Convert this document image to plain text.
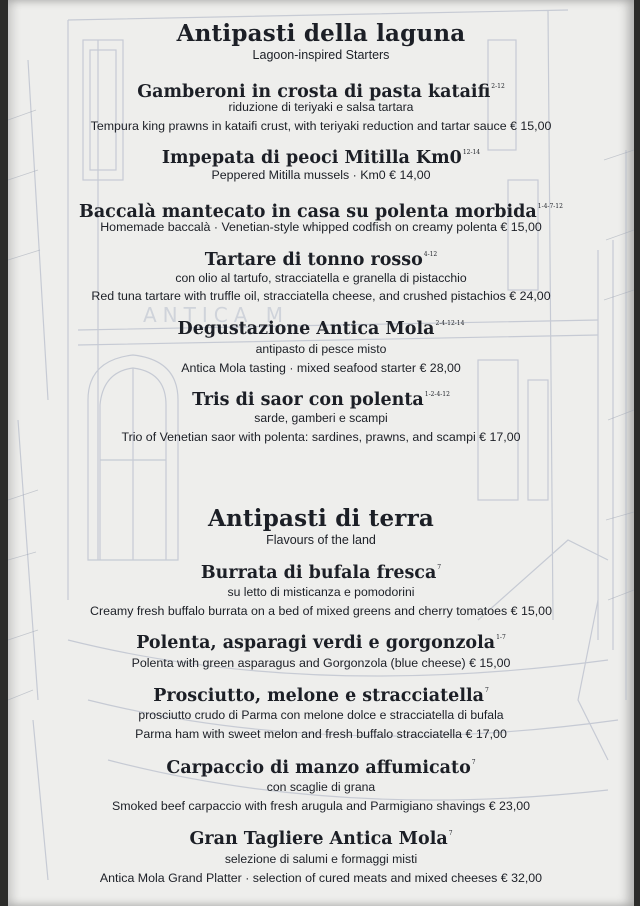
ANTICA M
Antipasti della laguna
Lagoon-inspired Starters
Gamberoni in crosta di pasta kataifi$^{2-12}$
riduzione di teriyaki e salsa tartara
Tempura king prawns in kataifi crust, with teriyaki reduction and tartar sauce € 15,00
Impepata di peoci Mitilla Km0$^{12-14}$
Peppered Mitilla mussels · Km0 € 14,00
Baccalà mantecato in casa su polenta morbida$^{1-4-7-12}$
Homemade baccalà · Venetian-style whipped codfish on creamy polenta € 15,00
Tartare di tonno rosso$^{4-12}$
con olio al tartufo, stracciatella e granella di pistacchio
Red tuna tartare with truffle oil, stracciatella cheese, and crushed pistachios € 24,00
Degustazione Antica Mola$^{2-4-12-14}$
antipasto di pesce misto
Antica Mola tasting · mixed seafood starter € 28,00
Tris di saor con polenta$^{1-2-4-12}$
sarde, gamberi e scampi
Trio of Venetian saor with polenta: sardines, prawns, and scampi € 17,00
Antipasti di terra
Flavours of the land
Burrata di bufala fresca$^7$
su letto di misticanza e pomodorini
Creamy fresh buffalo burrata on a bed of mixed greens and cherry tomatoes € 15,00
Polenta, asparagi verdi e gorgonzola$^{1-7}$
Polenta with green asparagus and Gorgonzola (blue cheese) € 15,00
Prosciutto, melone e stracciatella$^7$
prosciutto crudo di Parma con melone dolce e stracciatella di bufala
Parma ham with sweet melon and fresh buffalo stracciatella € 17,00
Carpaccio di manzo affumicato$^7$
con scaglie di grana
Smoked beef carpaccio with fresh arugula and Parmigiano shavings € 23,00
Gran Tagliere Antica Mola$^7$
selezione di salumi e formaggi misti
Antica Mola Grand Platter · selection of cured meats and mixed cheeses € 32,00
